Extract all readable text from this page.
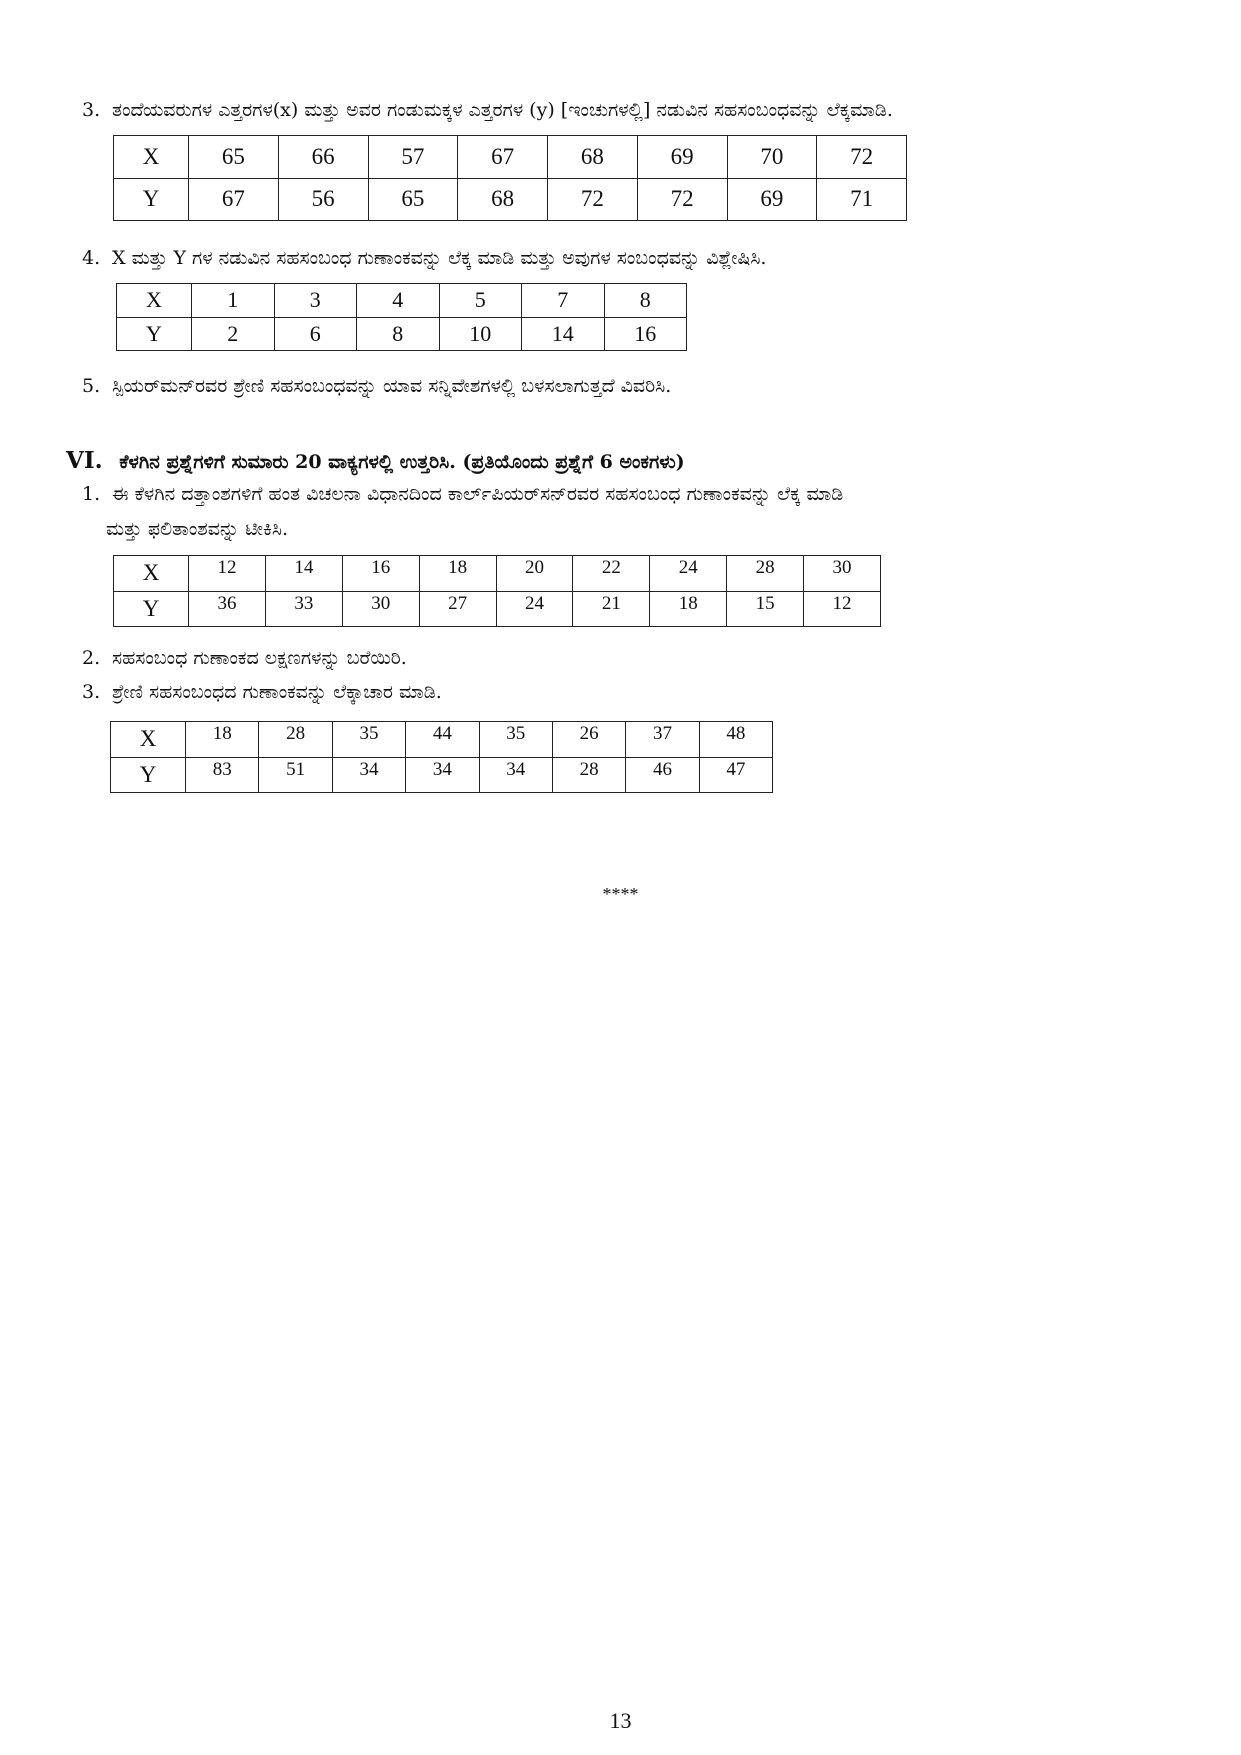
3. ತಂದೆಯವರುಗಳ ಎತ್ತರಗಳ(x) ಮತ್ತು ಅವರ ಗಂಡುಮಕ್ಕಳ ಎತ್ತರಗಳ (y) [ಇಂಚುಗಳಲ್ಲಿ] ನಡುವಿನ ಸಹಸಂಬಂಧವನ್ನು ಲೆಕ್ಕಮಾಡಿ.
X	65	66	57	67	68	69	70	72
Y	67	56	65	68	72	72	69	71
4. X ಮತ್ತು Y ಗಳ ನಡುವಿನ ಸಹಸಂಬಂಧ ಗುಣಾಂಕವನ್ನು ಲೆಕ್ಕ ಮಾಡಿ ಮತ್ತು ಅವುಗಳ ಸಂಬಂಧವನ್ನು ವಿಶ್ಲೇಷಿಸಿ.
X	1	3	4	5	7	8
Y	2	6	8	10	14	16
5. ಸ್ಪಿಯರ್‌ಮನ್‌ರವರ ಶ್ರೇಣಿ ಸಹಸಂಬಂಧವನ್ನು ಯಾವ ಸನ್ನಿವೇಶಗಳಲ್ಲಿ ಬಳಸಲಾಗುತ್ತದೆ ವಿವರಿಸಿ.
VI. ಕೆಳಗಿನ ಪ್ರಶ್ನೆಗಳಿಗೆ ಸುಮಾರು 20 ವಾಕ್ಯಗಳಲ್ಲಿ ಉತ್ತರಿಸಿ. (ಪ್ರತಿಯೊಂದು ಪ್ರಶ್ನೆಗೆ 6 ಅಂಕಗಳು)
1. ಈ ಕೆಳಗಿನ ದತ್ತಾಂಶಗಳಿಗೆ ಹಂತ ವಿಚಲನಾ ವಿಧಾನದಿಂದ ಕಾರ್ಲ್‌ಪಿಯರ್‌ಸನ್‌ರವರ ಸಹಸಂಬಂಧ ಗುಣಾಂಕವನ್ನು ಲೆಕ್ಕ ಮಾಡಿ
ಮತ್ತು ಫಲಿತಾಂಶವನ್ನು ಟೀಕಿಸಿ.
X	12	14	16	18	20	22	24	28	30
Y	36	33	30	27	24	21	18	15	12
2. ಸಹಸಂಬಂಧ ಗುಣಾಂಕದ ಲಕ್ಷಣಗಳನ್ನು ಬರೆಯಿರಿ.
3. ಶ್ರೇಣಿ ಸಹಸಂಬಂಧದ ಗುಣಾಂಕವನ್ನು ಲೆಕ್ಕಾಚಾರ ಮಾಡಿ.
X	18	28	35	44	35	26	37	48
Y	83	51	34	34	34	28	46	47
****
13
